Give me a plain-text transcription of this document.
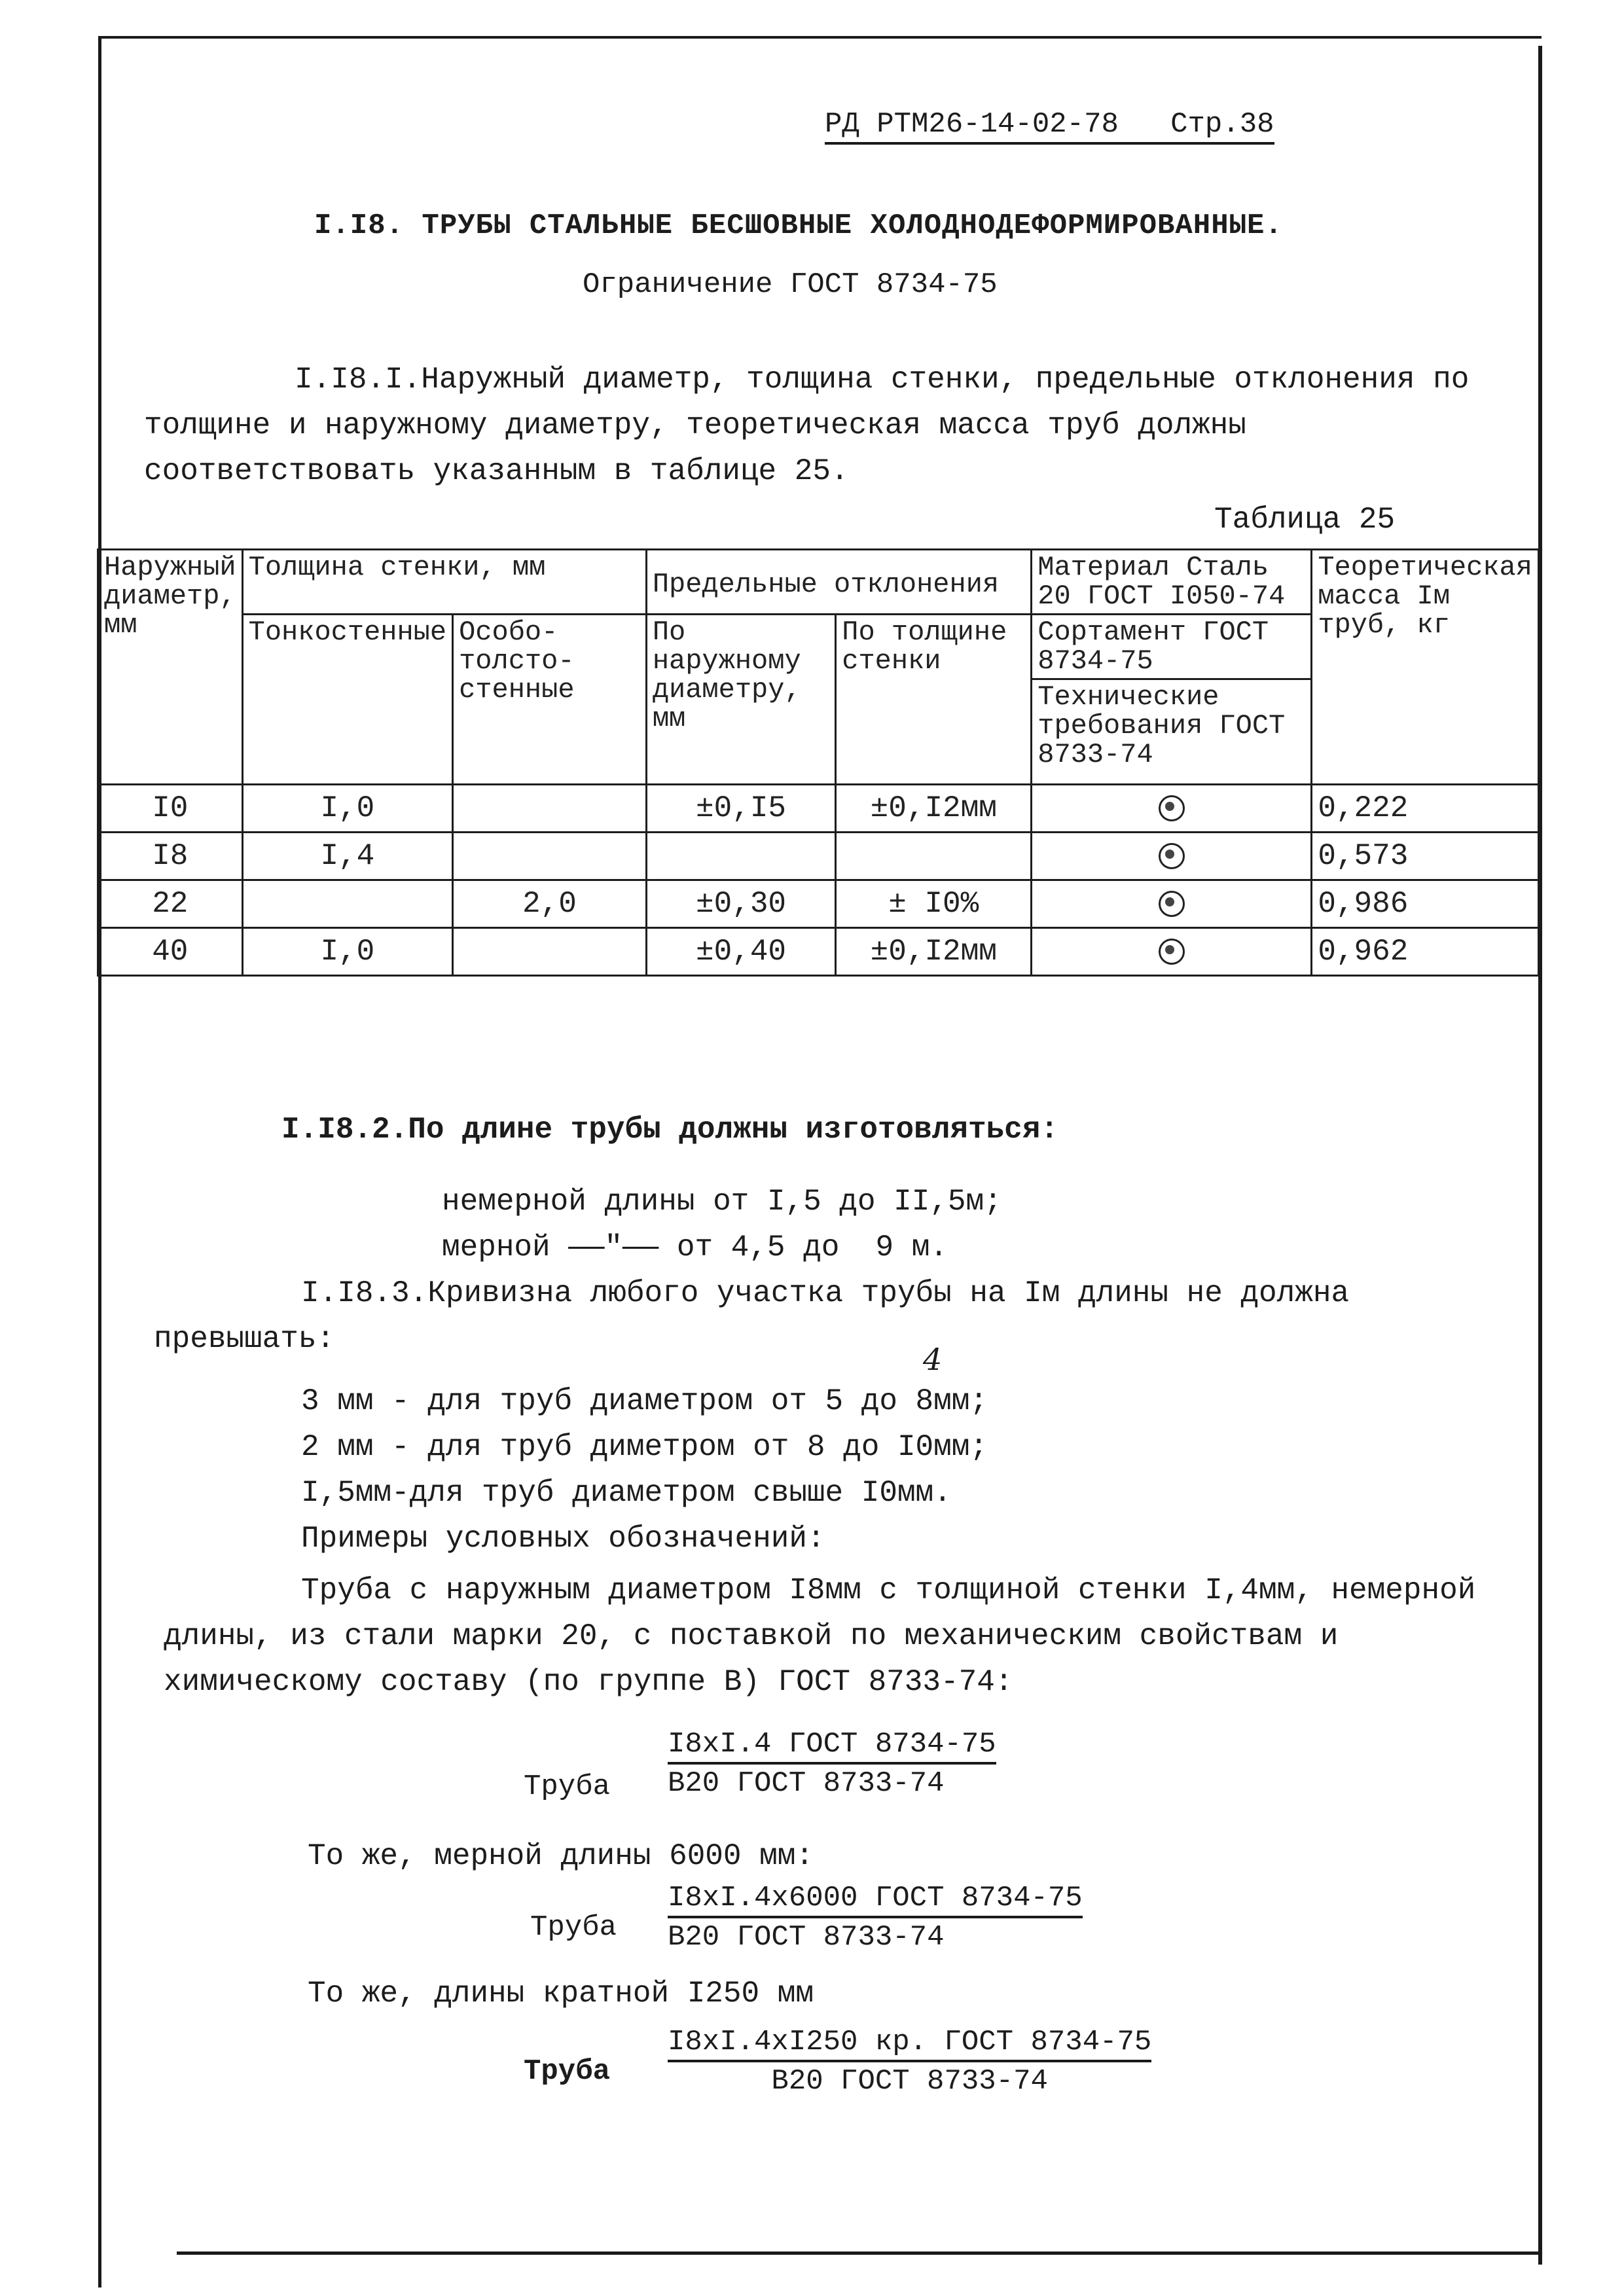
РД РТМ26-14-02-78   Стр.38
I.I8. ТРУБЫ СТАЛЬНЫЕ БЕСШОВНЫЕ ХОЛОДНОДЕФОРМИРОВАННЫЕ.
Ограничение ГОСТ 8734-75
I.I8.I.Наружный диаметр, толщина стенки, предельные отклонения по толщине и наружному диаметру, теоретическая масса труб должны соответствовать указанным в таблице 25.
Таблица 25
Наружный диаметр, мм	Толщина стенки, мм		Предельные отклонения		Материал Сталь 20 ГОСТ I050-74	Теоретическая масса Iм труб, кг
	Тонкостенные	Особо-толсто-стенные	По наружному диаметру, мм	По толщине стенки	Сортамент ГОСТ 8734-75	
					Технические требования ГОСТ 8733-74	
I0	I,0		±0,I5	±0,I2мм		0,222
I8	I,4					0,573
22		2,0	±0,30	± I0%		0,986
40	I,0		±0,40	±0,I2мм		0,962
I.I8.2.По длине трубы должны изготовляться:
немерной длины от I,5 до II,5м;
мерной ——"—— от 4,5 до  9 м.
I.I8.3.Кривизна любого участка трубы на Iм длины не должна
превышать:
4
3 мм - для труб диаметром от 5 до 8мм;
2 мм - для труб диметром от 8 до I0мм;
I,5мм-для труб диаметром свыше I0мм.
Примеры условных обозначений:
Труба с наружным диаметром I8мм с толщиной стенки I,4мм, немерной длины, из стали марки 20, с поставкой по механическим свойствам и химическому составу (по группе В) ГОСТ 8733-74:
Труба
I8xI.4 ГОСТ 8734-75
В20 ГОСТ 8733-74
То же, мерной длины 6000 мм:
Труба
I8xI.4x6000 ГОСТ 8734-75
В20 ГОСТ 8733-74
То же, длины кратной I250 мм
Труба
I8xI.4xI250 кр. ГОСТ 8734-75
В20 ГОСТ 8733-74
